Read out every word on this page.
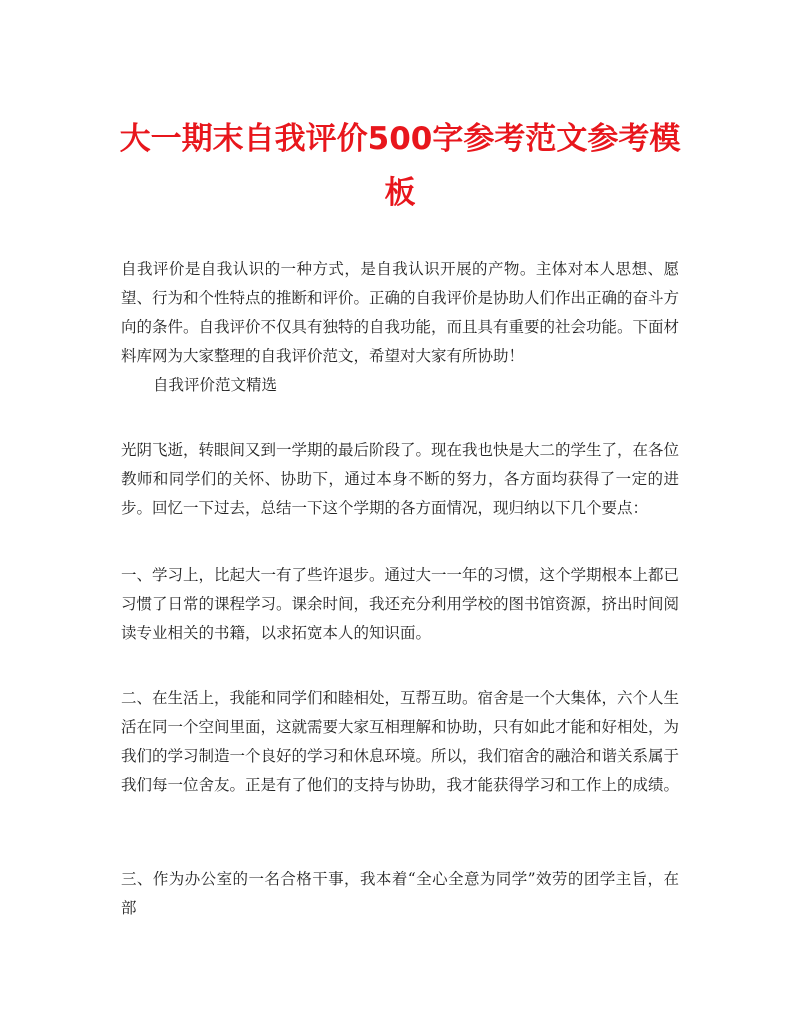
大一期末自我评价500字参考范文参考模板

自我评价是自我认识的一种方式，是自我认识开展的产物。主体对本人思想、愿望、行为和个性特点的推断和评价。正确的自我评价是协助人们作出正确的奋斗方向的条件。自我评价不仅具有独特的自我功能，而且具有重要的社会功能。下面材料库网为大家整理的自我评价范文，希望对大家有所协助！

自我评价范文精选

光阴飞逝，转眼间又到一学期的最后阶段了。现在我也快是大二的学生了，在各位教师和同学们的关怀、协助下，通过本身不断的努力，各方面均获得了一定的进步。回忆一下过去，总结一下这个学期的各方面情况，现归纳以下几个要点：

一、学习上，比起大一有了些许退步。通过大一一年的习惯，这个学期根本上都已习惯了日常的课程学习。课余时间，我还充分利用学校的图书馆资源，挤出时间阅读专业相关的书籍，以求拓宽本人的知识面。

二、在生活上，我能和同学们和睦相处，互帮互助。宿舍是一个大集体，六个人生活在同一个空间里面，这就需要大家互相理解和协助，只有如此才能和好相处，为我们的学习制造一个良好的学习和休息环境。所以，我们宿舍的融洽和谐关系属于我们每一位舍友。正是有了他们的支持与协助，我才能获得学习和工作上的成绩。

三、作为办公室的一名合格干事，我本着“全心全意为同学”效劳的团学主旨，在部
